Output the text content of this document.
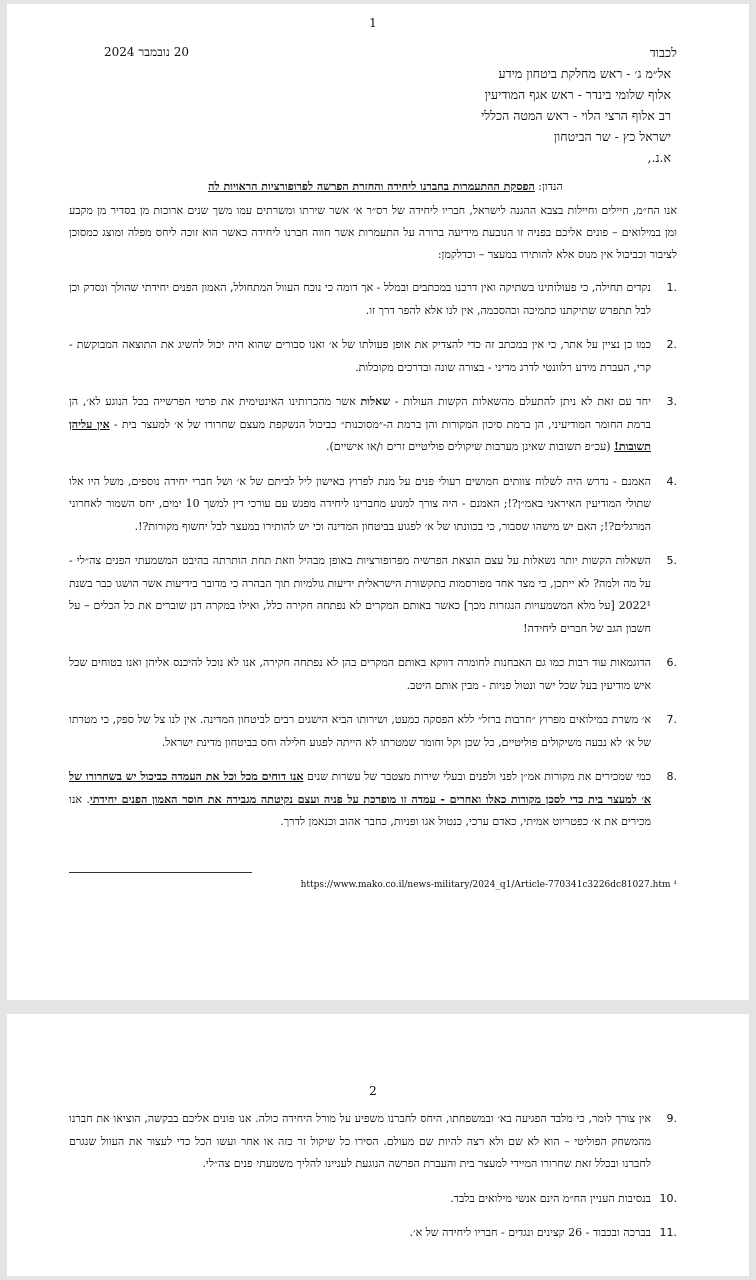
1
20 נובמבר 2024	לכבוד
אל״מ ג׳ - ראש מחלקת ביטחון מידע
אלוף שלומי בינדר - ראש אגף המודיעין
רב אלוף הרצי הלוי - ראש המטה הכללי
ישראל כץ - שר הביטחון
א.נ.,
הנדון: הפסקת ההתעמרות בחברנו ליחידה והחזרת הפרשה לפרופורציות הראויות לה
אנו הח״מ, חיילים וחיילות בצבא ההגנה לישראל, חבריו ליחידה של רס״ר א׳ אשר שירתו ומשרתים עמו משך שנים ארוכות מן בסדיר מן מקבע ומן במילואים – פונים אליכם בפניה זו הנובעת מידיעה ברורה על התעמרות אשר חווה חברנו ליחידה כאשר הוא זוכה ליחס מפלה ומוצג כמסוכן לציבור וכביכול אין מנוס אלא להותירו במעצר – וכדלקמן:
.1
נקדים תחילה, כי פעולותינו בשתיקה ואין דרכנו במכתבים ובמלל - אך דומה כי נוכח העוול המתחולל, האמון הפנים יחידתי שהולך ונסדק וכן לבל תתפרש שתיקתנו כתמיכה וכהסכמה, אין לנו אלא להפר דרך זו.
.2
כמו כן נציין על אתר, כי אין במכתב זה כדי להצדיק את אופן פעולתו של א׳ ואנו סבורים שהוא היה יכול להשיג את התוצאה המבוקשת - קרי, העברת מידע רלוונטי לדרג מדיני - בצורה שונה ובדרכים מקובלות.
.3
יחד עם זאת לא ניתן להתעלם מהשאלות הקשות העולות - שאלות אשר מהכרותינו האינטימית את פרטי הפרשייה בכל הנוגע לא׳, הן ברמת החומר המודיעיני, הן ברמת סיכון המקורות והן ברמת ה-״מסוכנות״ כביכול הנשקפת מעצם שחרורו של א׳ למעצר בית - אין עליהן תשובות! (עכ״פ תשובות שאינן מערבות שיקולים פוליטיים זרים ו/או אישיים).
.4
האמנם - נדרש היה לשלוח צוותים חמושים רעולי פנים על מנת לפרוץ באישון ליל לביתם של א׳ ושל חברי יחידה נוספים, משל היו אלו שתולי המודיעין האיראני באמ״ן?!; האמנם - היה צורך למנוע מחברינו ליחידה מפגש עם עורכי דין למשך 10 ימים, יחס השמור לאחרוני המרגלים?!; האם יש מישהו שסבור, כי בכוונתו של א׳ לפגוע בביטחון המדינה וכי יש להותירו במעצר לבל יחשוף מקורות?!.
.5
השאלות הקשות יותר נשאלות על עצם הוצאת הפרשיה מפרופורציות באופן מבהיל וזאת תחת הותרתה בהיבט המשמעתי הפנים צה״לי - על מה ולמה? לא ייתכן, כי מצד אחד מפורסמות בתקשורת הישראלית ידיעות גולמיות תוך הבהרה כי מדובר בידיעות אשר הושגו כבר בשנת 2022¹ [על מלא המשמעויות הנגזרות מכך] כאשר באותם המקרים לא נפתחה חקירה כלל, ואילו במקרה דנן שוברים את כל הכלים – על חשבון הגב של חברים ליחידה!
.6
הדוגמאות עוד רבות כמו גם האבחנות לחומרה דווקא באותם המקרים בהן לא נפתחה חקירה, אנו לא נוכל להיכנס אליהן ואנו בטוחים שכל איש מודיעין בעל שכל ישר ונטול פניות - מבין אותם היטב.
.7
א׳ משרת במילואים מפרוץ ״חרבות ברזל״ ללא הפסקה כמעט, ושירותו הביא הישגים רבים לביטחון המדינה. אין לנו צל של ספק, כי מטרתו של א׳ לא נבעה משיקולים פוליטיים, כל שכן וקל וחומר שמטרתו לא הייתה לפגוע חלילה וחס בביטחון מדינת ישראל.
.8
כמי שמכירים את מקורות אמ״ן לפני ולפנים ובעלי שירות מצטבר של עשרות שנים אנו דוחים מכל וכל את העמדה כביכול יש בשחרורו של א׳ למעצר בית כדי לסכן מקורות כאלו ואחרים - עמדה זו מופרכת על פניה ועצם נקיטתה מגבירה את חוסר האמון הפנים יחידתי. אנו מכירים את א׳ כפטריוט אמיתי, כאדם ערכי, כנטול אגו ופניות, כחבר אהוב וכנאמן לדרך.
https://www.mako.co.il/news-military/2024_q1/Article-770341c3226dc81027.htm ¹
2
.9
אין צורך לומר, כי מלבד הפגיעה בא׳ ובמשפחתו, היחס לחברנו משפיע על מורל היחידה כולה. אנו פונים אליכם בבקשה, הוציאו את חברנו מהמשחק הפוליטי – הוא לא שם ולא רצה להיות שם מעולם. הסירו כל שיקול זר כזה או אחר ועשו הכל כדי לעצור את העוול שנגרם לחברנו ובכלל זאת שחרורו המיידי למעצר בית והעברת הפרשה הנוגעת לעניינו להליך משמעתי פנים צה״לי.
.10
בנסיבות העניין הח״מ הינם אנשי מילואים בלבד.
.11
בברכה ובכבוד - 26 קצינים ונגדים - חבריו ליחידה של א׳.
